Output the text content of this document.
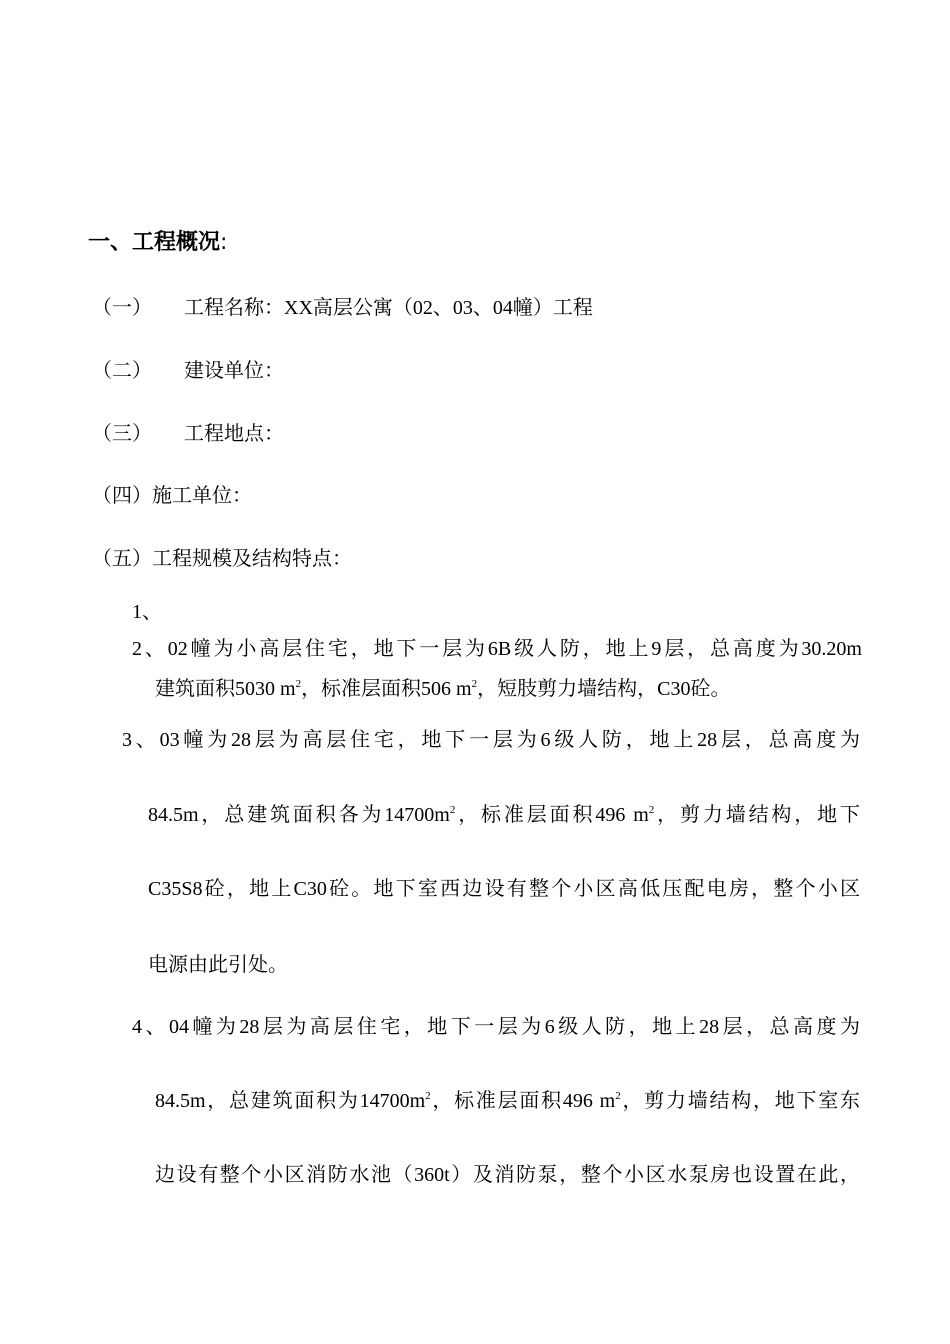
一、工程概况:
（一） 工程名称：XX高层公寓（02、03、04幢）工程
（二） 建设单位：
（三） 工程地点：
（四）施工单位：
（五）工程规模及结构特点：
1、
2、02幢为小高层住宅，地下一层为6B级人防，地上9层，总高度为30.20m
建筑面积5030 $m^2$，标准层面积506 $m^2$，短肢剪力墙结构，C30砼。
3、03幢为28层为高层住宅，地下一层为6级人防，地上28层，总高度为
84.5m，总建筑面积各为$14700m^2$，标准层面积496 $m^2$，剪力墙结构，地下
C35S8砼，地上C30砼。地下室西边设有整个小区高低压配电房，整个小区
电源由此引处。
4、04幢为28层为高层住宅，地下一层为6级人防，地上28层，总高度为
84.5m，总建筑面积为$14700m^2$，标准层面积496 $m^2$，剪力墙结构，地下室东
边设有整个小区消防水池（360t）及消防泵，整个小区水泵房也设置在此，
